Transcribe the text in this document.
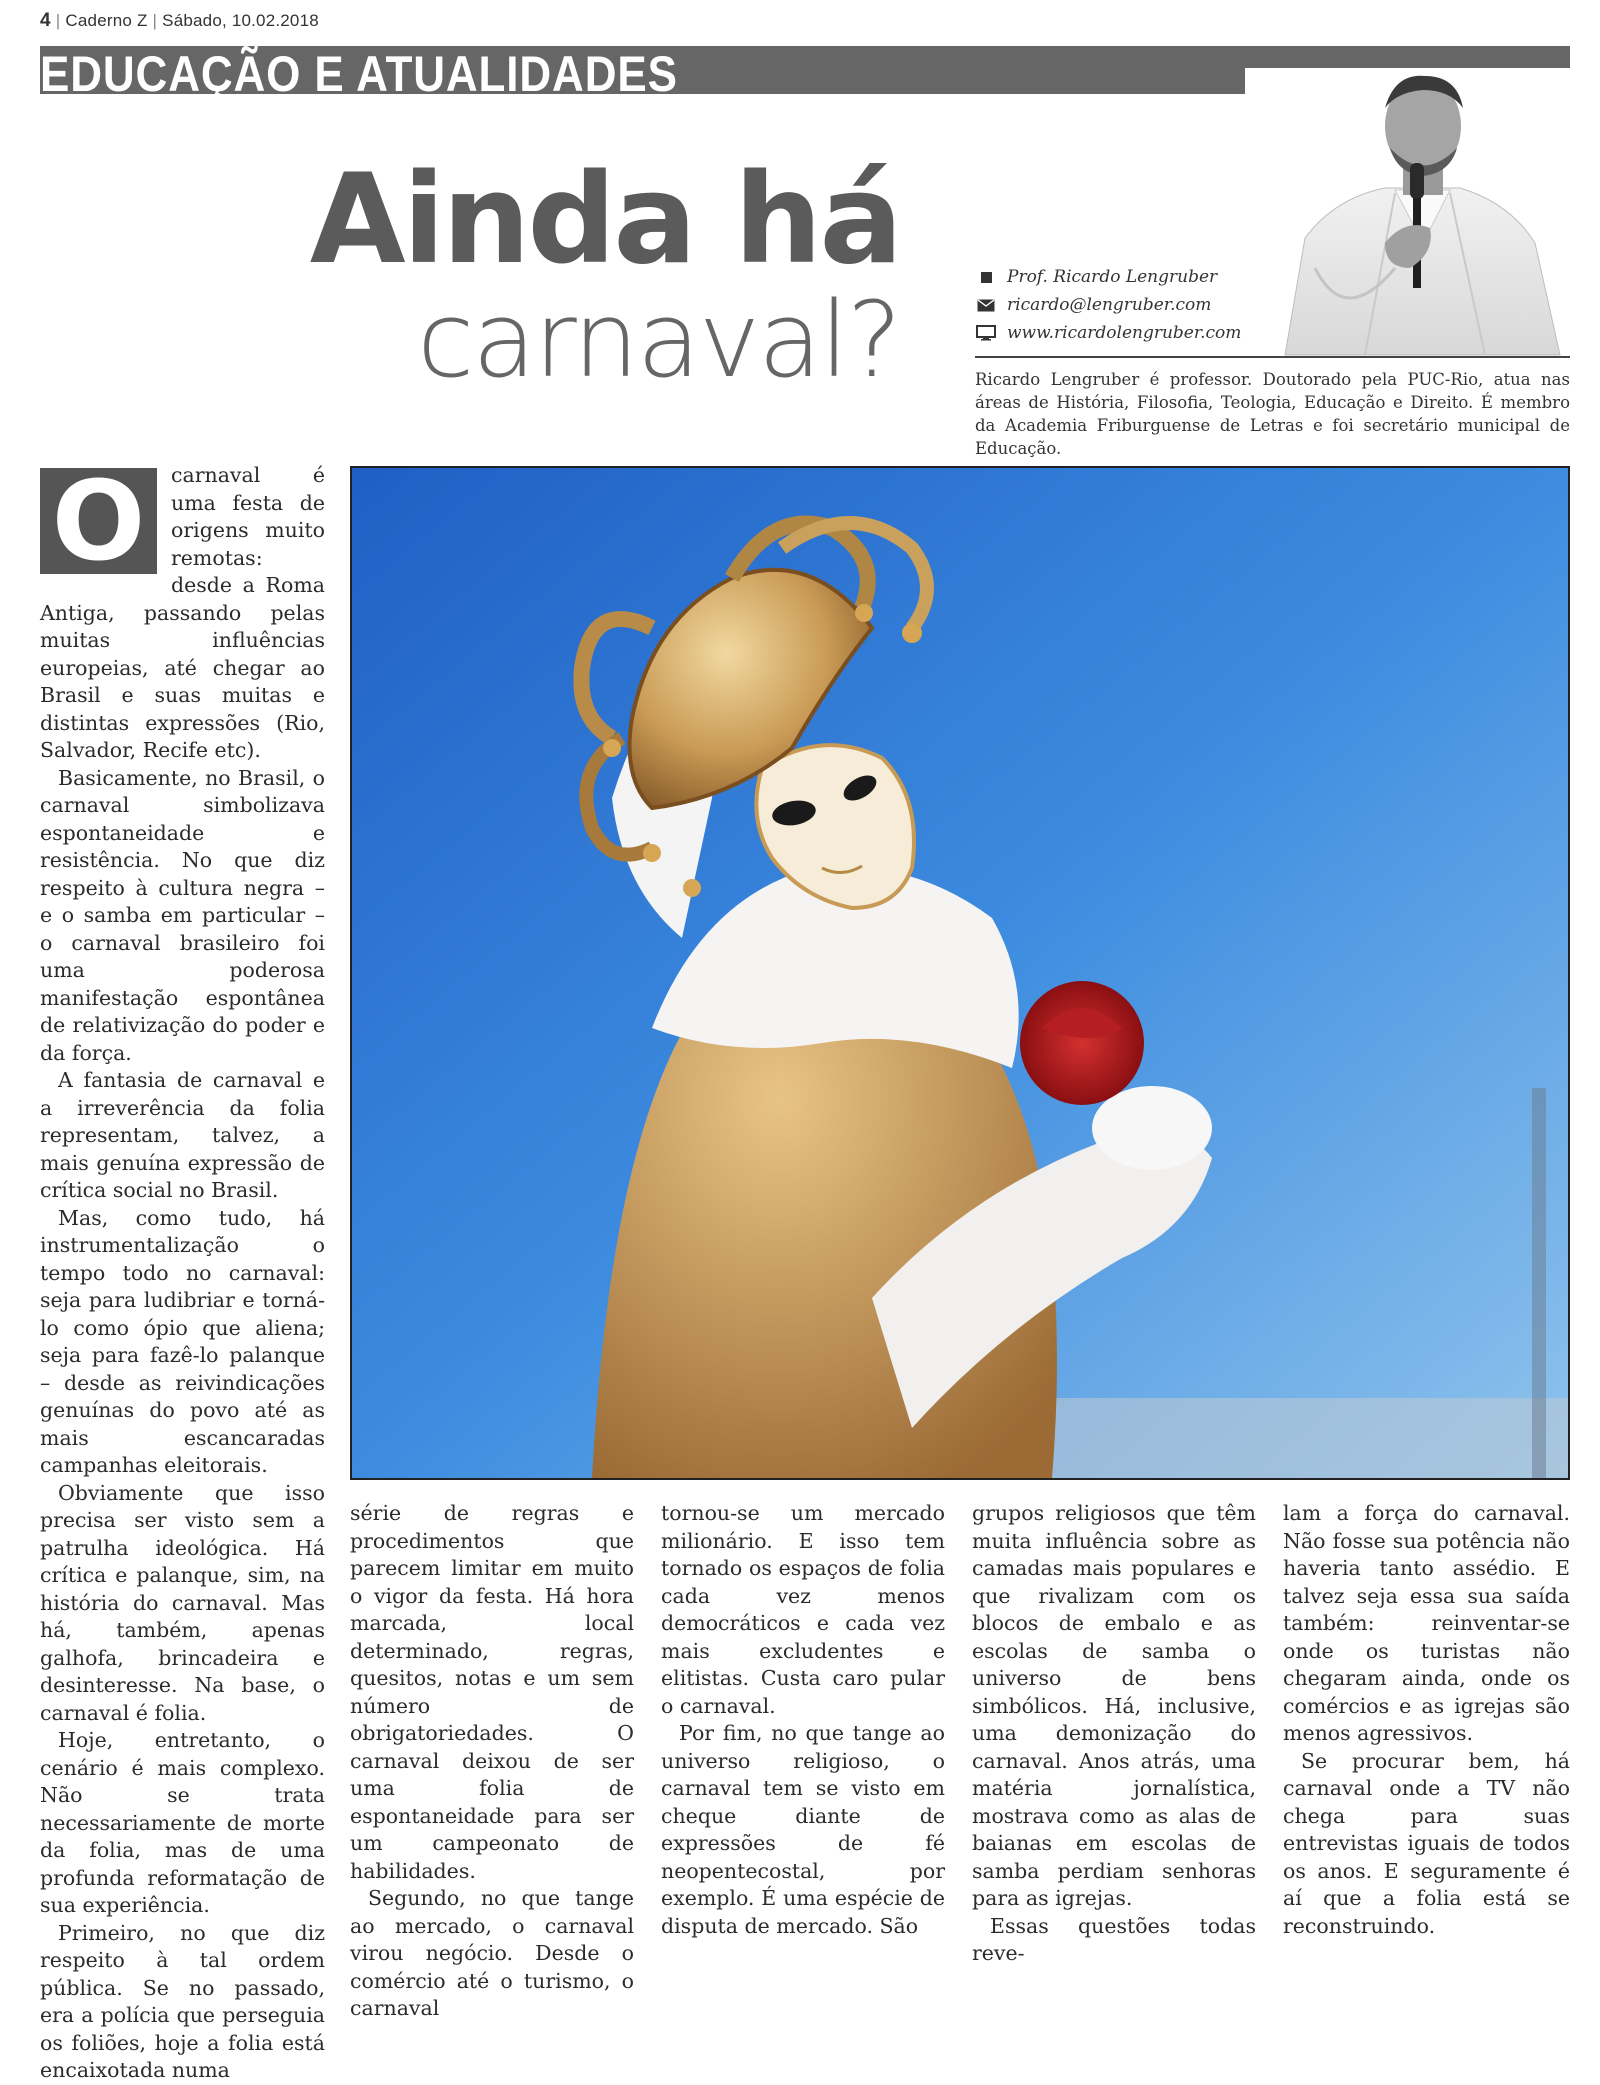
4 | Caderno Z | Sábado, 10.02.2018
EDUCAÇÃO E ATUALIDADES
Ainda há
carnaval?
Prof. Ricardo Lengruber
ricardo@lengruber.com
www.ricardolengruber.com
Ricardo Lengruber é professor. Doutorado pela PUC-Rio, atua nas áreas de História, Filosofia, Teologia, Educação e Direito. É membro da Academia Friburguense de Letras e foi secretário municipal de Educação.
O	carnaval é uma festa de origens muito remotas: desde a Roma Antiga, passando pelas muitas influências europeias, até chegar ao Brasil e suas muitas e distintas expressões (Rio, Salvador, Recife etc).

Basicamente, no Brasil, o carnaval simbolizava espontaneidade e resistência. No que diz respeito à cultura negra – e o samba em particular – o carnaval brasileiro foi uma poderosa manifestação espontânea de relativização do poder e da força.

A fantasia de carnaval e a irreverência da folia representam, talvez, a mais genuína expressão de crítica social no Brasil.

Mas, como tudo, há instrumentalização o tempo todo no carnaval: seja para ludibriar e torná-lo como ópio que aliena; seja para fazê-lo palanque – desde as reivindicações genuínas do povo até as mais escancaradas campanhas eleitorais.

Obviamente que isso precisa ser visto sem a patrulha ideológica. Há crítica e palanque, sim, na história do carnaval. Mas há, também, apenas galhofa, brincadeira e desinteresse. Na base, o carnaval é folia.

Hoje, entretanto, o cenário é mais complexo. Não se trata necessariamente de morte da folia, mas de uma profunda reformatação de sua experiência.

Primeiro, no que diz respeito à tal ordem pública. Se no passado, era a polícia que perseguia os foliões, hoje a folia está encaixotada numa

série de regras e procedimentos que parecem limitar em muito o vigor da festa. Há hora marcada, local determinado, regras, quesitos, notas e um sem número de obrigatoriedades. O carnaval deixou de ser uma folia de espontaneidade para ser um campeonato de habilidades.

Segundo, no que tange ao mercado, o carnaval virou negócio. Desde o comércio até o turismo, o carnaval

tornou-se um mercado milionário. E isso tem tornado os espaços de folia cada vez menos democráticos e cada vez mais excludentes e elitistas. Custa caro pular o carnaval.

Por fim, no que tange ao universo religioso, o carnaval tem se visto em cheque diante de expressões de fé neopentecostal, por exemplo. É uma espécie de disputa de mercado. São

grupos religiosos que têm muita influência sobre as camadas mais populares e que rivalizam com os blocos de embalo e as escolas de samba o universo de bens simbólicos. Há, inclusive, uma demonização do carnaval. Anos atrás, uma matéria jornalística, mostrava como as alas de baianas em escolas de samba perdiam senhoras para as igrejas.

Essas questões todas reve-

lam a força do carnaval. Não fosse sua potência não haveria tanto assédio. E talvez seja essa sua saída também: reinventar-se onde os turistas não chegaram ainda, onde os comércios e as igrejas são menos agressivos.

Se procurar bem, há carnaval onde a TV não chega para suas entrevistas iguais de todos os anos. E seguramente é aí que a folia está se reconstruindo.
